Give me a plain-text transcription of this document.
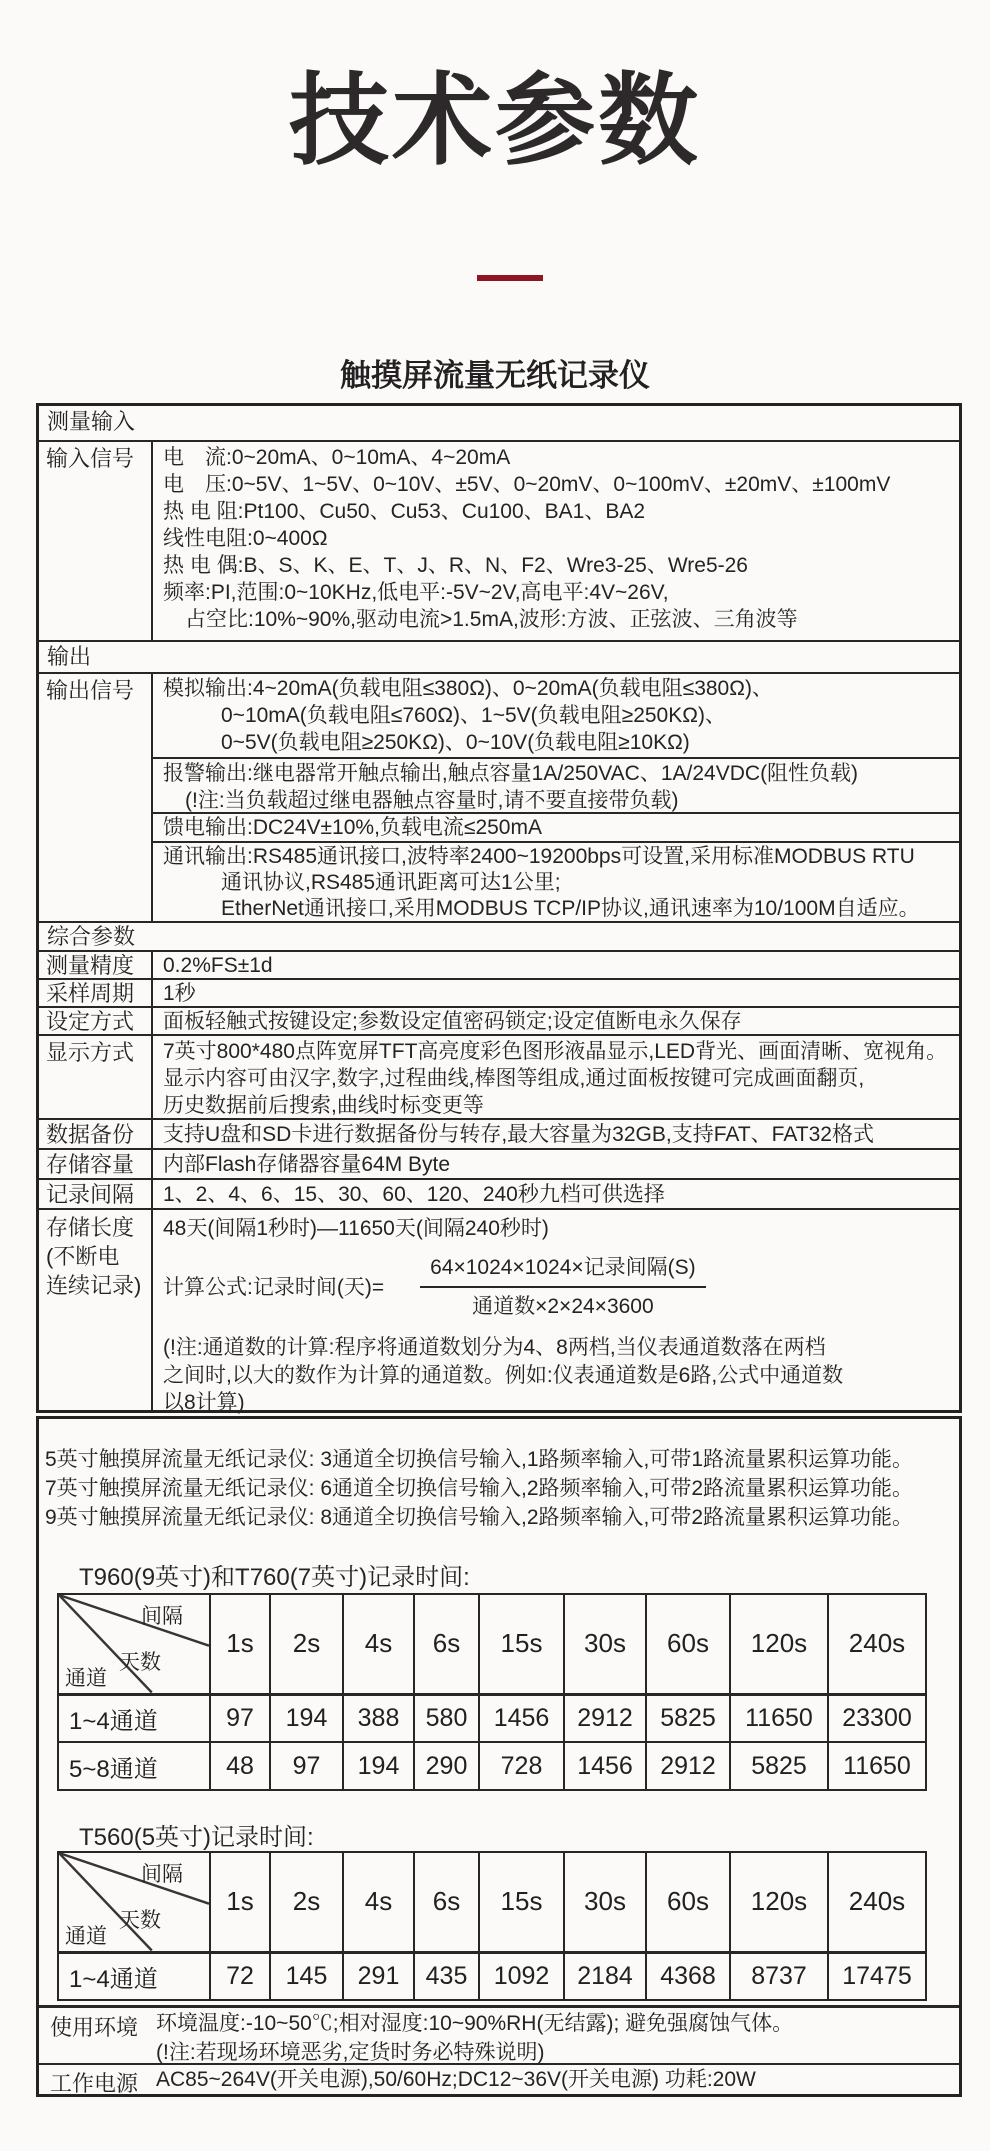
技术参数
触摸屏流量无纸记录仪
测量输入
输入信号	电　流:0~20mA、0~10mA、4~20mA
电　压:0~5V、1~5V、0~10V、±5V、0~20mV、0~100mV、±20mV、±100mV
热 电 阻:Pt100、Cu50、Cu53、Cu100、BA1、BA2
线性电阻:0~400Ω
热 电 偶:B、S、K、E、T、J、R、N、F2、Wre3-25、Wre5-26
频率:PI,范围:0~10KHz,低电平:-5V~2V,高电平:4V~26V,
占空比:10%~90%,驱动电流>1.5mA,波形:方波、正弦波、三角波等
输出
输出信号	模拟输出:4~20mA(负载电阻≤380Ω)、0~20mA(负载电阻≤380Ω)、
0~10mA(负载电阻≤760Ω)、1~5V(负载电阻≥250KΩ)、
0~5V(负载电阻≥250KΩ)、0~10V(负载电阻≥10KΩ)
报警输出:继电器常开触点输出,触点容量1A/250VAC、1A/24VDC(阻性负载)
(!注:当负载超过继电器触点容量时,请不要直接带负载)
馈电输出:DC24V±10%,负载电流≤250mA
通讯输出:RS485通讯接口,波特率2400~19200bps可设置,采用标准MODBUS RTU
通讯协议,RS485通讯距离可达1公里;
EtherNet通讯接口,采用MODBUS TCP/IP协议,通讯速率为10/100M自适应。
综合参数
测量精度	0.2%FS±1d
采样周期	1秒
设定方式	面板轻触式按键设定;参数设定值密码锁定;设定值断电永久保存
显示方式	7英寸800*480点阵宽屏TFT高亮度彩色图形液晶显示,LED背光、画面清晰、宽视角。
显示内容可由汉字,数字,过程曲线,棒图等组成,通过面板按键可完成画面翻页,
历史数据前后搜索,曲线时标变更等
数据备份	支持U盘和SD卡进行数据备份与转存,最大容量为32GB,支持FAT、FAT32格式
存储容量	内部Flash存储器容量64M Byte
记录间隔	1、2、4、6、15、30、60、120、240秒九档可供选择
存储长度
(不断电
连续记录)
48天(间隔1秒时)—11650天(间隔240秒时)
计算公式:记录时间(天)= $\frac{\text{64×1024×1024×记录间隔(S)}}{\text{通道数×2×24×3600}}$
(!注:通道数的计算:程序将通道数划分为4、8两档,当仪表通道数落在两档
之间时,以大的数作为计算的通道数。例如:仪表通道数是6路,公式中通道数
以8计算)
5英寸触摸屏流量无纸记录仪: 3通道全切换信号输入,1路频率输入,可带1路流量累积运算功能。
7英寸触摸屏流量无纸记录仪: 6通道全切换信号输入,2路频率输入,可带2路流量累积运算功能。
9英寸触摸屏流量无纸记录仪: 8通道全切换信号输入,2路频率输入,可带2路流量累积运算功能。
T960(9英寸)和T760(7英寸)记录时间:
间隔
天数
通道	1s	2s	4s	6s	15s	30s	60s	120s	240s
1~4通道	97	194	388	580	1456	2912	5825	11650	23300
5~8通道	48	97	194	290	728	1456	2912	5825	11650
T560(5英寸)记录时间:
间隔
天数
通道	1s	2s	4s	6s	15s	30s	60s	120s	240s
1~4通道	72	145	291	435	1092	2184	4368	8737	17475
使用环境 环境温度:-10~50℃;相对湿度:10~90%RH(无结露); 避免强腐蚀气体。
(!注:若现场环境恶劣,定货时务必特殊说明)
工作电源 AC85~264V(开关电源),50/60Hz;DC12~36V(开关电源) 功耗:20W
